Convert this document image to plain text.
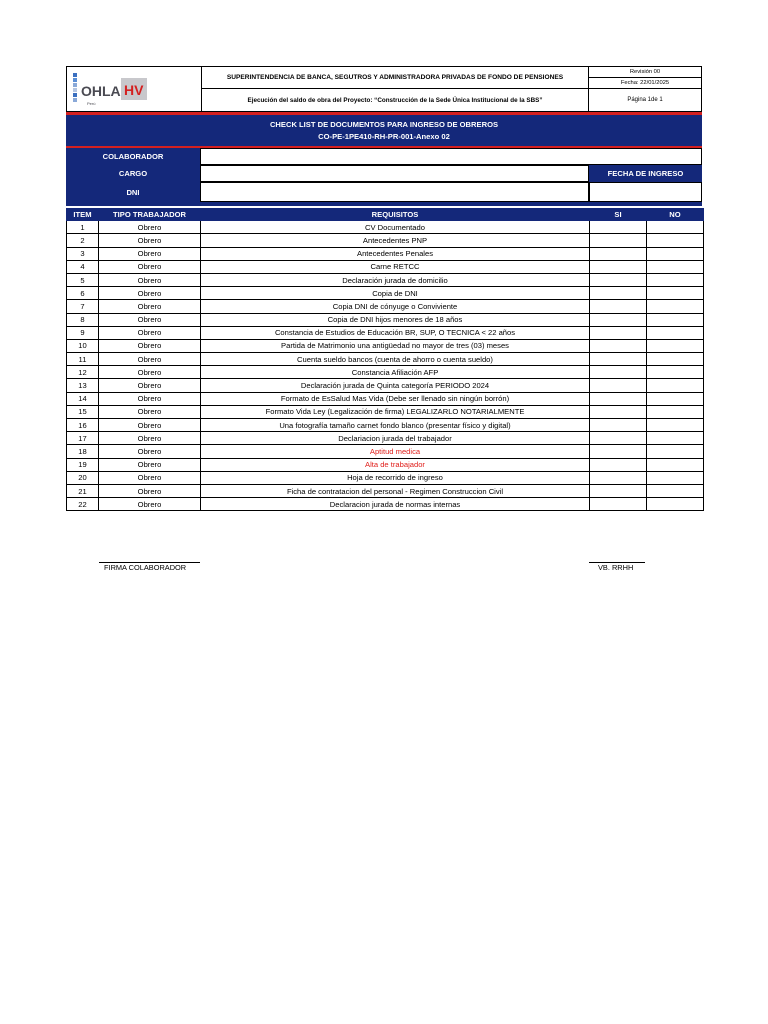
OHLA HV
Perú
SUPERINTENDENCIA DE BANCA, SEGUTROS Y ADMINISTRADORA PRIVADAS DE FONDO DE PENSIONES
Ejecución del saldo de obra del Proyecto: “Construcción de la Sede Única Institucional de la SBS”
Revisión 00
Fecha: 22/01/2025
Página 1de 1
CHECK LIST DE DOCUMENTOS PARA INGRESO DE OBREROS
CO-PE-1PE410-RH-PR-001-Anexo 02
COLABORADOR
CARGO	FECHA DE INGRESO
DNI
ITEM	TIPO TRABAJADOR	REQUISITOS	SI	NO
1	Obrero	CV Documentado		
2	Obrero	Antecedentes PNP		
3	Obrero	Antecedentes Penales		
4	Obrero	Carne RETCC		
5	Obrero	Declaración jurada de domicilio		
6	Obrero	Copia de DNI		
7	Obrero	Copia DNI de cónyuge o Conviviente		
8	Obrero	Copia de DNI hijos menores de 18 años		
9	Obrero	Constancia de Estudios de Educación BR, SUP, O TECNICA < 22 años		
10	Obrero	Partida de Matrimonio una antigüedad no mayor de tres (03) meses		
11	Obrero	Cuenta sueldo bancos (cuenta de ahorro o cuenta sueldo)		
12	Obrero	Constancia Afiliación AFP		
13	Obrero	Declaración jurada de Quinta categoría PERIODO 2024		
14	Obrero	Formato de EsSalud Mas Vida (Debe ser llenado sin ningún borrón)		
15	Obrero	Formato Vida Ley (Legalización de firma) LEGALIZARLO NOTARIALMENTE		
16	Obrero	Una fotografía tamaño carnet fondo blanco (presentar físico y digital)		
17	Obrero	Declariacion jurada del trabajador		
18	Obrero	Aptitud medica		
19	Obrero	Alta de trabajador		
20	Obrero	Hoja de recorrido de ingreso		
21	Obrero	Ficha de contratacion del personal - Regimen Construccion Civil		
22	Obrero	Declaracion jurada de normas internas		
FIRMA COLABORADOR	VB. RRHH
